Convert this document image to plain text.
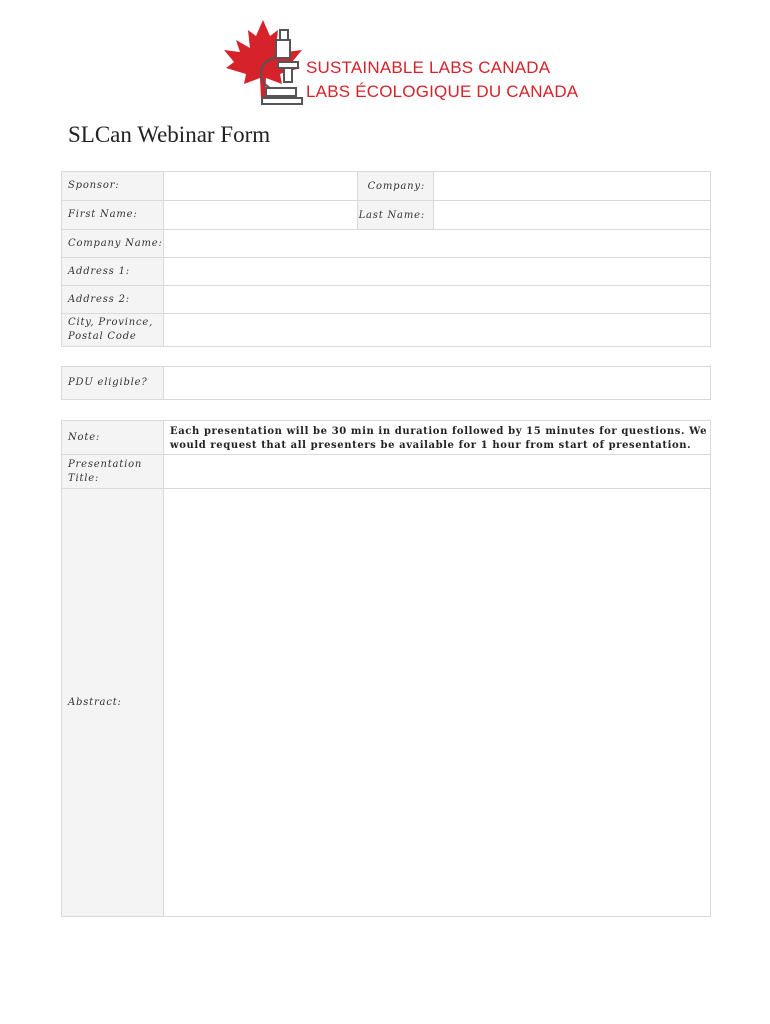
SUSTAINABLE LABS CANADA
LABS ÉCOLOGIQUE DU CANADA
SLCan Webinar Form
Sponsor:		Company:	
First Name:		Last Name:	
Company Name:			
Address 1:			
Address 2:			
City, Province, Postal Code			
PDU eligible?	
Note:	Each presentation will be 30 min in duration followed by 15 minutes for questions. We would request that all presenters be available for 1 hour from start of presentation.

Presentation Title:	
Abstract:	
